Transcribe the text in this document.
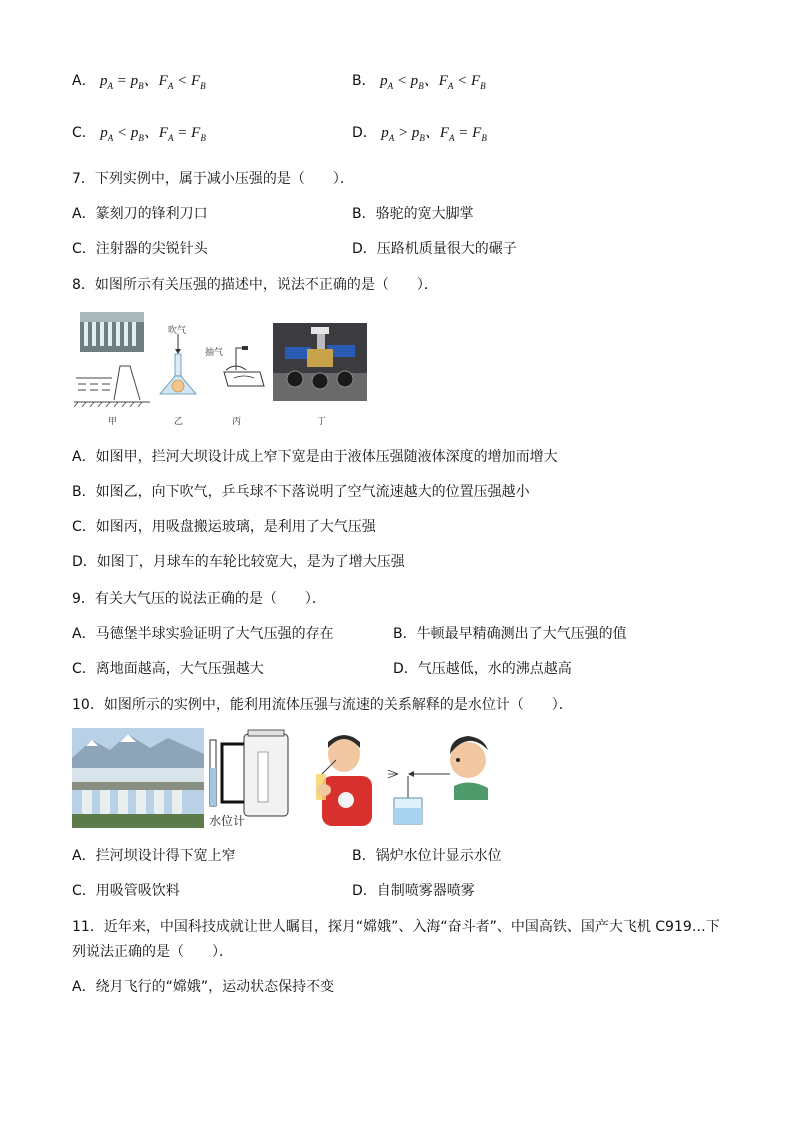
A． $p_A = p_B$、$F_A < F_B$	B． $p_A < p_B$、$F_A < F_B$
C． $p_A < p_B$、$F_A = F_B$	D． $p_A > p_B$、$F_A = F_B$
7．下列实例中，属于减小压强的是（　　）．
A．篆刻刀的锋利刀口	B．骆驼的宽大脚掌
C．注射器的尖锐针头	D．压路机质量很大的碾子
8．如图所示有关压强的描述中，说法不正确的是（　　）．
甲
吹气
乙
抽气
丙	丁
A．如图甲，拦河大坝设计成上窄下宽是由于液体压强随液体深度的增加而增大
B．如图乙，向下吹气，乒乓球不下落说明了空气流速越大的位置压强越小
C．如图丙，用吸盘搬运玻璃，是利用了大气压强
D．如图丁，月球车的车轮比较宽大，是为了增大压强
9．有关大气压的说法正确的是（　　）．
A．马德堡半球实验证明了大气压强的存在	B．牛顿最早精确测出了大气压强的值
C．离地面越高，大气压强越大	D．气压越低，水的沸点越高
10．如图所示的实例中，能利用流体压强与流速的关系解释的是水位计（　　）．
水位计
A．拦河坝设计得下宽上窄	B．锅炉水位计显示水位
C．用吸管吸饮料	D．自制喷雾器喷雾
11．近年来，中国科技成就让世人瞩目，探月“嫦娥”、入海“奋斗者”、中国高铁、国产大飞机 C919…下
列说法正确的是（　　）．
A．绕月飞行的“嫦娥”，运动状态保持不变
